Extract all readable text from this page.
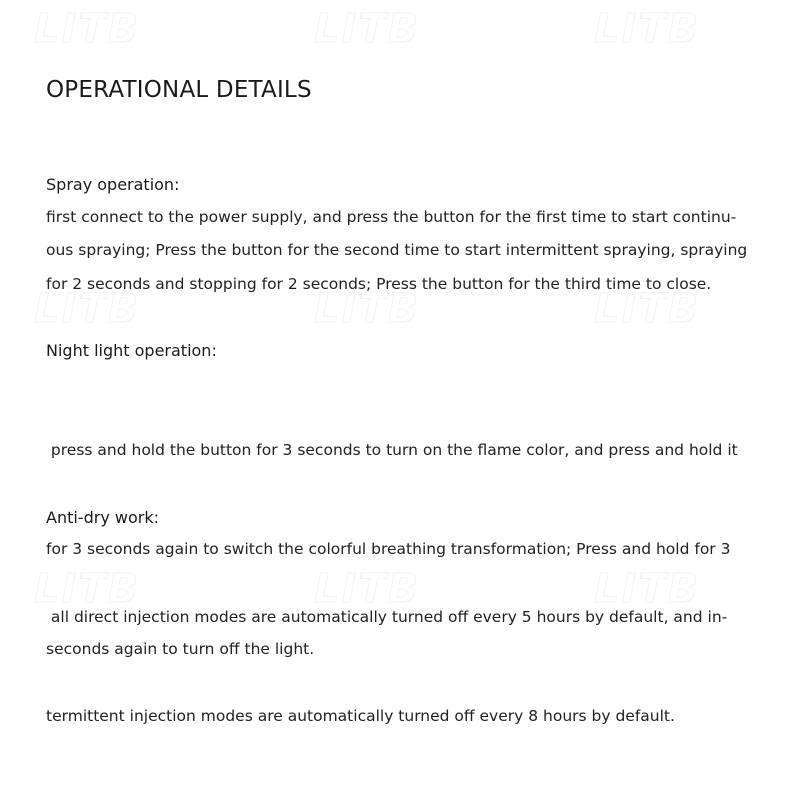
LITB	LITB	LITB
LITB	LITB	LITB
LITB	LITB	LITB
OPERATIONAL DETAILS
Spray operation:

first connect to the power supply, and press the button for the first time to start continu-
ous spraying; Press the button for the second time to start intermittent spraying, spraying
for 2 seconds and stopping for 2 seconds; Press the button for the third time to close.

Night light operation:

press and hold the button for 3 seconds to turn on the flame color, and press and hold it

for 3 seconds again to switch the colorful breathing transformation; Press and hold for 3

seconds again to turn off the light.

Anti-dry work:

all direct injection modes are automatically turned off every 5 hours by default, and in-

termittent injection modes are automatically turned off every 8 hours by default.
